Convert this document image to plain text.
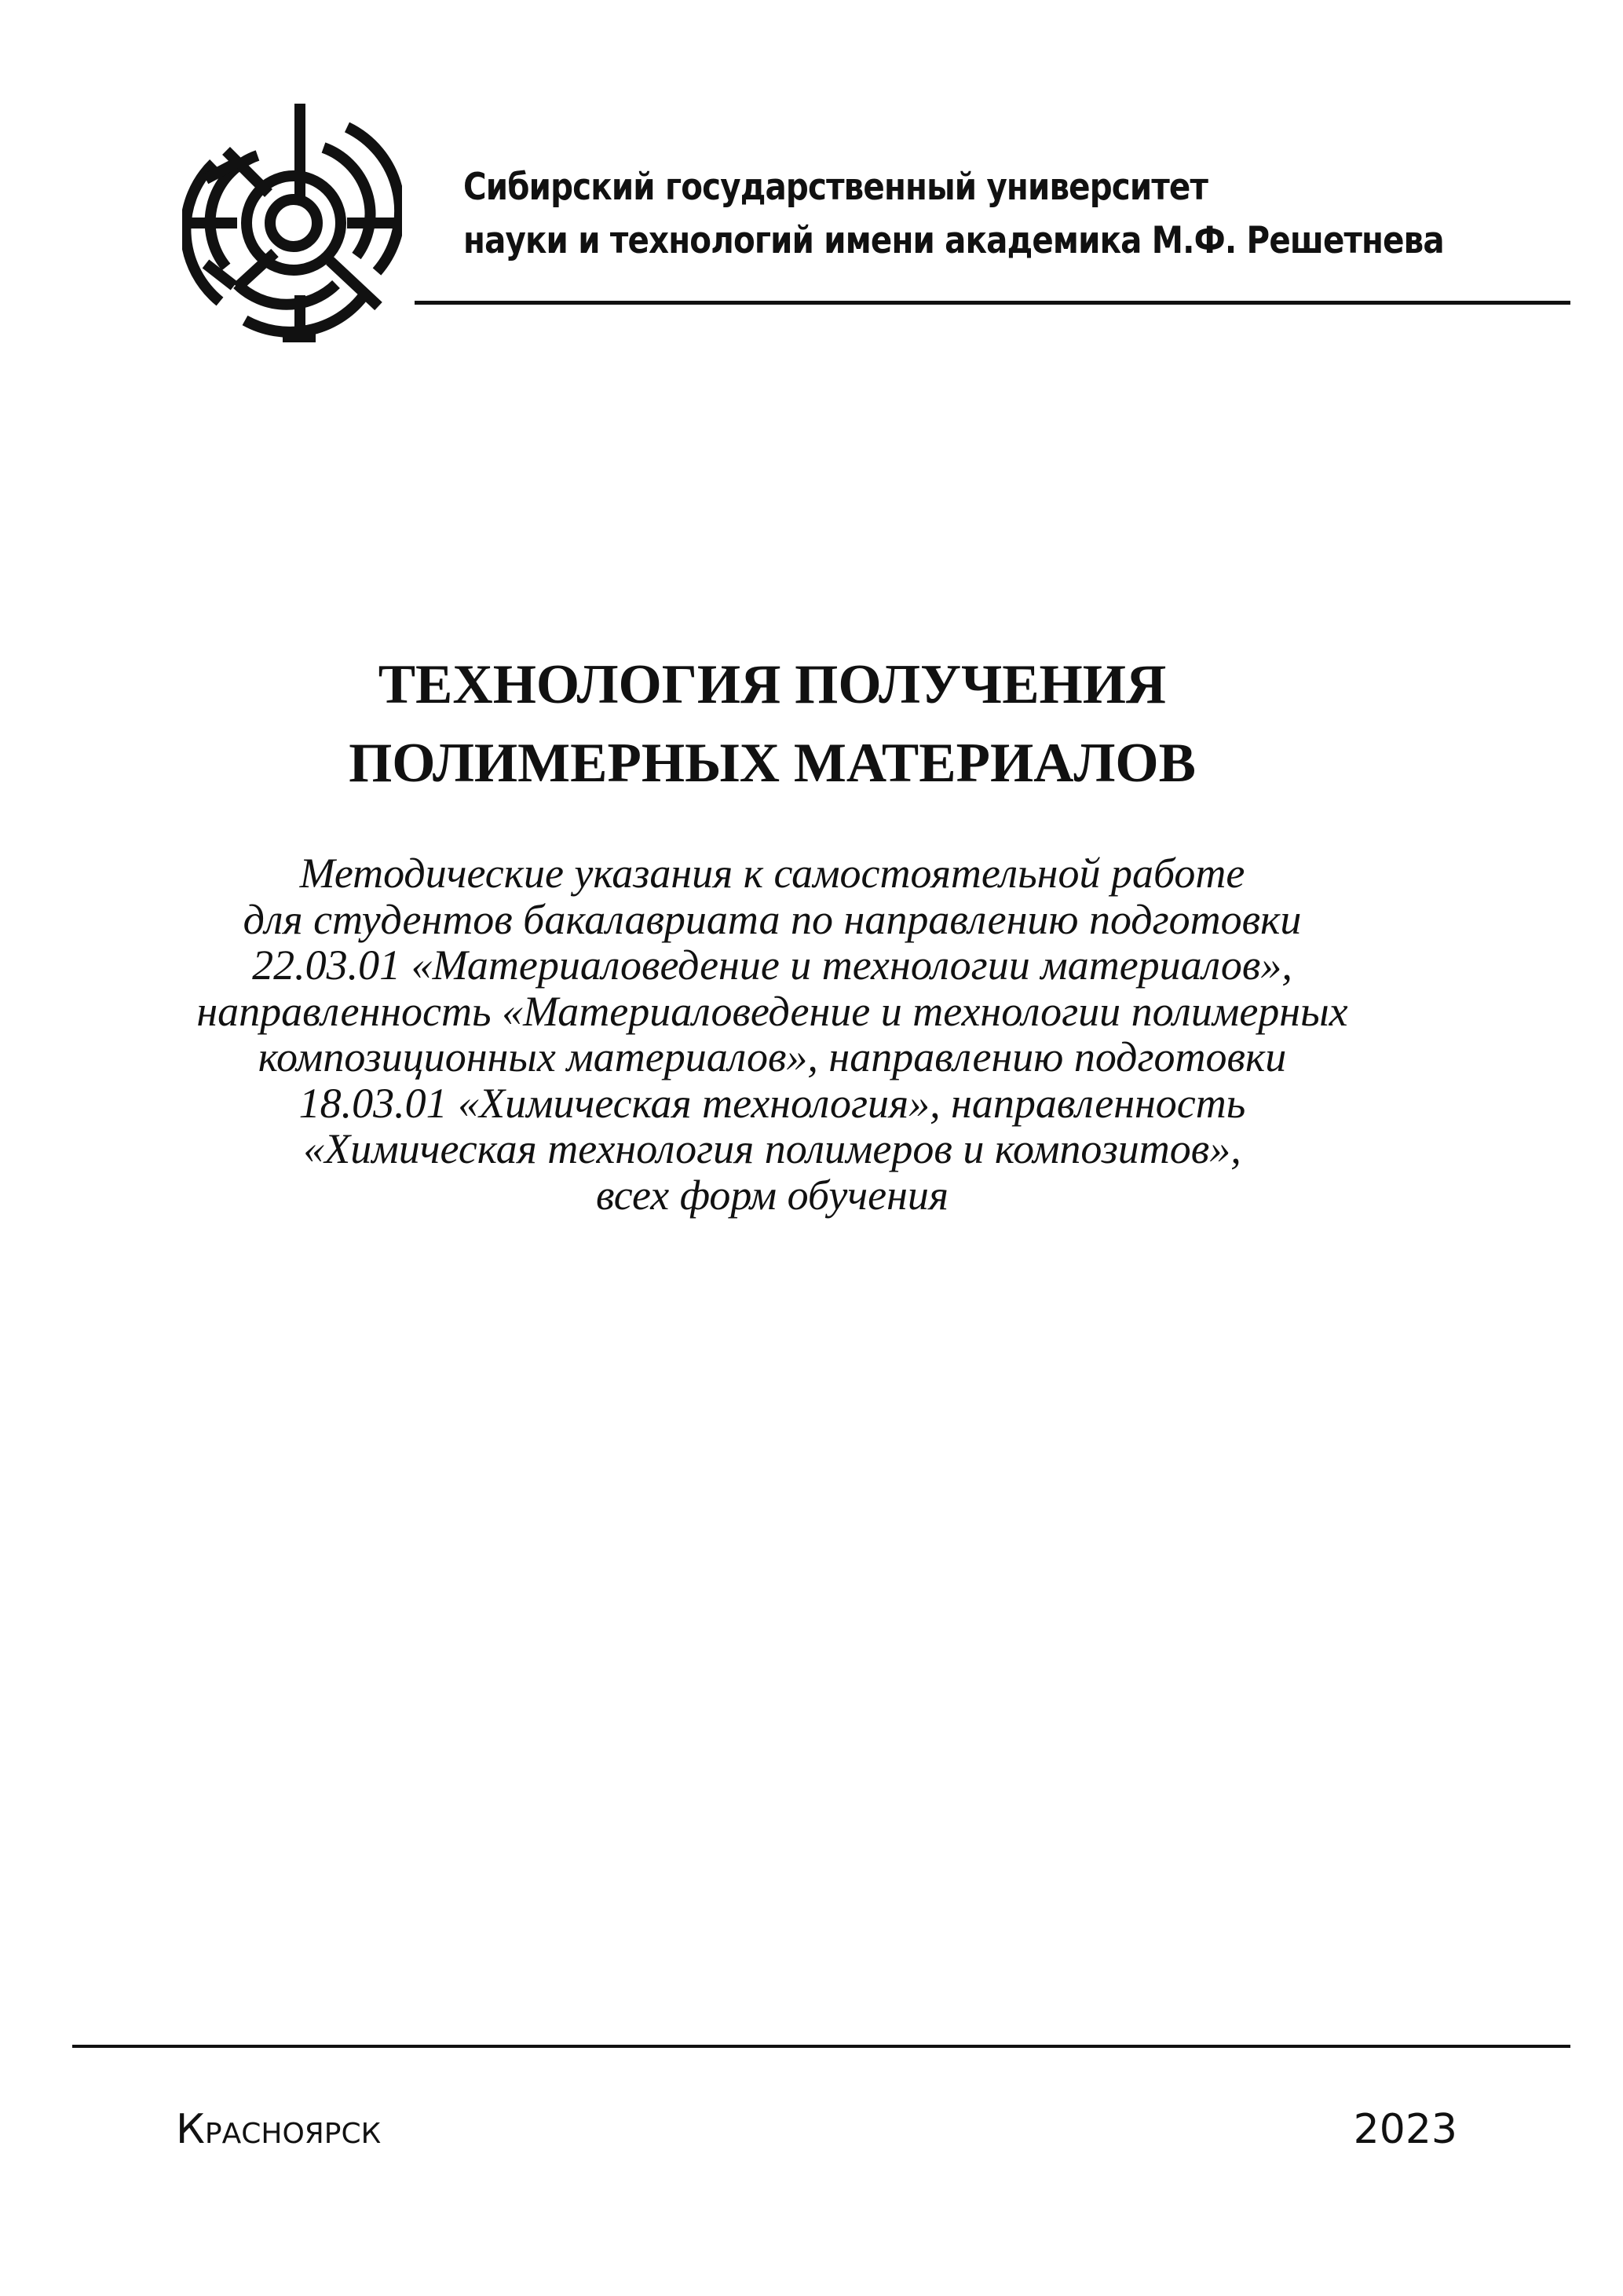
Сибирский государственный университет
науки и технологий имени академика М.Ф. Решетнева
ТЕХНОЛОГИЯ ПОЛУЧЕНИЯ
ПОЛИМЕРНЫХ МАТЕРИАЛОВ
Методические указания к самостоятельной работе
для студентов бакалавриата по направлению подготовки
22.03.01 «Материаловедение и технологии материалов»,
направленность «Материаловедение и технологии полимерных
композиционных материалов», направлению подготовки
18.03.01 «Химическая технология», направленность
«Химическая технология полимеров и композитов»,
всех форм обучения
Красноярск	2023
